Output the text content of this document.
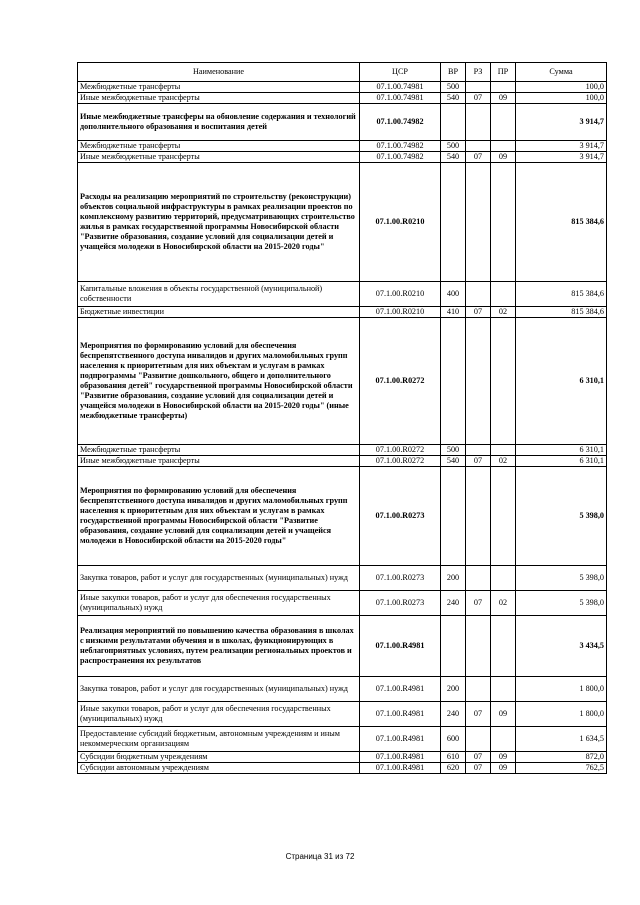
Наименование	ЦСР	ВР	РЗ	ПР	Сумма
Межбюджетные трансферты	07.1.00.74981	500			100,0
Иные межбюджетные трансферты	07.1.00.74981	540	07	09	100,0
Иные межбюджетные трансферы на обновление содержания и технологий дополнительного образования и воспитания детей	07.1.00.74982				3 914,7
Межбюджетные трансферты	07.1.00.74982	500			3 914,7
Иные межбюджетные трансферты	07.1.00.74982	540	07	09	3 914,7
Расходы на реализацию мероприятий по строительству (реконструкции) объектов социальной инфраструктуры в рамках реализации проектов по комплексному развитию территорий, предусматривающих строительство жилья в рамках государственной программы Новосибирской области "Развитие образования, создание условий для социализации детей и учащейся молодежи в Новосибирской области на 2015-2020 годы"	07.1.00.R0210				815 384,6
Капитальные вложения в объекты государственной (муниципальной) собственности	07.1.00.R0210	400			815 384,6
Бюджетные инвестиции	07.1.00.R0210	410	07	02	815 384,6
Мероприятия по формированию условий для обеспечения беспрепятственного доступа инвалидов и других маломобильных групп населения к приоритетным для них объектам и услугам в рамках подпрограммы "Развитие дошкольного, общего и дополнительного образования детей" государственной программы Новосибирской области "Развитие образования, создание условий для социализации детей и учащейся молодежи в Новосибирской области на 2015-2020 годы" (иные межбюджетные трансферты)	07.1.00.R0272				6 310,1
Межбюджетные трансферты	07.1.00.R0272	500			6 310,1
Иные межбюджетные трансферты	07.1.00.R0272	540	07	02	6 310,1
Мероприятия по формированию условий для обеспечения беспрепятственного доступа инвалидов и других маломобильных групп населения к приоритетным для них объектам и услугам в рамках государственной программы Новосибирской области "Развитие образования, создание условий для социализации детей и учащейся молодежи в Новосибирской области на 2015-2020 годы"	07.1.00.R0273				5 398,0
Закупка товаров, работ и услуг для государственных (муниципальных) нужд	07.1.00.R0273	200			5 398,0
Иные закупки товаров, работ и услуг для обеспечения государственных (муниципальных) нужд	07.1.00.R0273	240	07	02	5 398,0
Реализация мероприятий по повышению качества образования в школах с низкими результатами обучения и в школах, функционирующих в неблагоприятных условиях, путем реализации региональных проектов и распространения их результатов	07.1.00.R4981				3 434,5
Закупка товаров, работ и услуг для государственных (муниципальных) нужд	07.1.00.R4981	200			1 800,0
Иные закупки товаров, работ и услуг для обеспечения государственных (муниципальных) нужд	07.1.00.R4981	240	07	09	1 800,0
Предоставление субсидий бюджетным, автономным учреждениям и иным некоммерческим организациям	07.1.00.R4981	600			1 634,5
Субсидии бюджетным учреждениям	07.1.00.R4981	610	07	09	872,0
Субсидии автономным учреждениям	07.1.00.R4981	620	07	09	762,5
Страница 31 из 72
